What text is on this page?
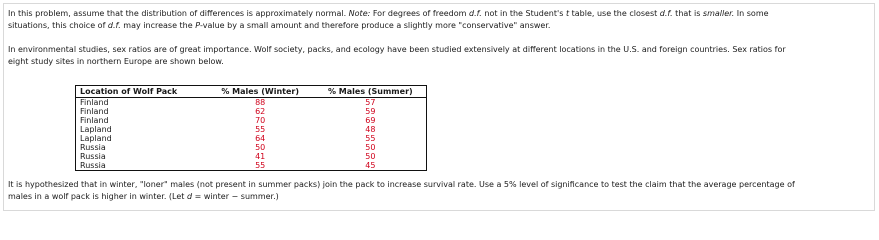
In this problem, assume that the distribution of differences is approximately normal. Note: For degrees of freedom d.f. not in the Student's t table, use the closest d.f. that is smaller. In some
situations, this choice of d.f. may increase the P-value by a small amount and therefore produce a slightly more "conservative" answer.

In environmental studies, sex ratios are of great importance. Wolf society, packs, and ecology have been studied extensively at different locations in the U.S. and foreign countries. Sex ratios for
eight study sites in northern Europe are shown below.

Location of Wolf Pack	% Males (Winter)	% Males (Summer)
Finland	88	57
Finland	62	59
Finland	70	69
Lapland	55	48
Lapland	64	55
Russia	50	50
Russia	41	50
Russia	55	45

It is hypothesized that in winter, "loner" males (not present in summer packs) join the pack to increase survival rate. Use a 5% level of significance to test the claim that the average percentage of
males in a wolf pack is higher in winter. (Let d = winter − summer.)
